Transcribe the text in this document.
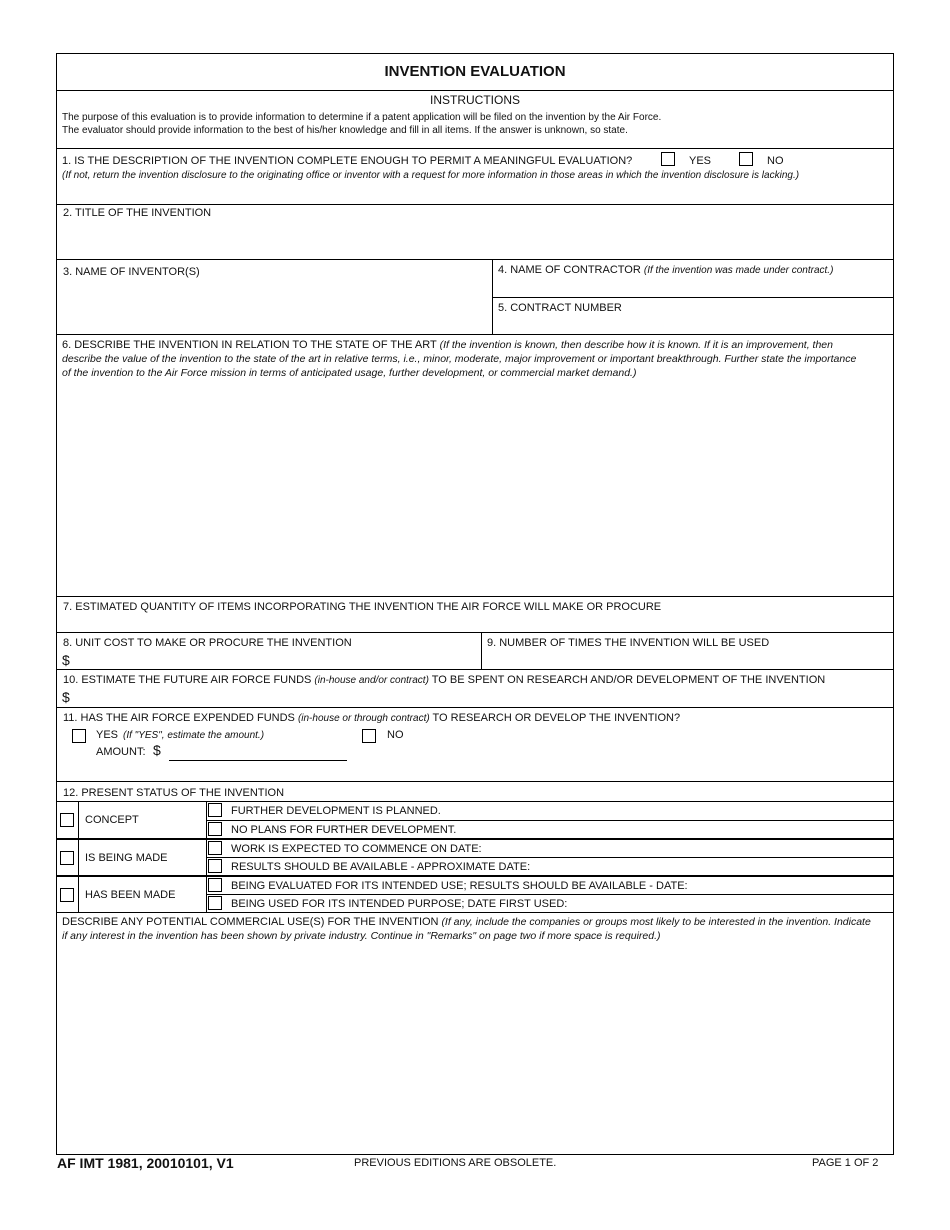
INVENTION EVALUATION
INSTRUCTIONS
The purpose of this evaluation is to provide information to determine if a patent application will be filed on the invention by the Air Force.
The evaluator should provide information to the best of his/her knowledge and fill in all items. If the answer is unknown, so state.
1. IS THE DESCRIPTION OF THE INVENTION COMPLETE ENOUGH TO PERMIT A MEANINGFUL EVALUATION?	YES	NO
(If not, return the invention disclosure to the originating office or inventor with a request for more information in those areas in which the invention disclosure is lacking.)
2. TITLE OF THE INVENTION
3. NAME OF INVENTOR(S)	4. NAME OF CONTRACTOR (If the invention was made under contract.)
5. CONTRACT NUMBER
6. DESCRIBE THE INVENTION IN RELATION TO THE STATE OF THE ART (If the invention is known, then describe how it is known. If it is an improvement, then describe the value of the invention to the state of the art in relative terms, i.e., minor, moderate, major improvement or important breakthrough. Further state the importance of the invention to the Air Force mission in terms of anticipated usage, further development, or commercial market demand.)
7. ESTIMATED QUANTITY OF ITEMS INCORPORATING THE INVENTION THE AIR FORCE WILL MAKE OR PROCURE
8. UNIT COST TO MAKE OR PROCURE THE INVENTION
$
9. NUMBER OF TIMES THE INVENTION WILL BE USED
10. ESTIMATE THE FUTURE AIR FORCE FUNDS (in-house and/or contract) TO BE SPENT ON RESEARCH AND/OR DEVELOPMENT OF THE INVENTION
$
11. HAS THE AIR FORCE EXPENDED FUNDS (in-house or through contract) TO RESEARCH OR DEVELOP THE INVENTION?
YES (If "YES", estimate the amount.)	NO
AMOUNT: $
12. PRESENT STATUS OF THE INVENTION
CONCEPT
FURTHER DEVELOPMENT IS PLANNED.
NO PLANS FOR FURTHER DEVELOPMENT.
IS BEING MADE
WORK IS EXPECTED TO COMMENCE ON DATE:
RESULTS SHOULD BE AVAILABLE - APPROXIMATE DATE:
HAS BEEN MADE
BEING EVALUATED FOR ITS INTENDED USE; RESULTS SHOULD BE AVAILABLE - DATE:
BEING USED FOR ITS INTENDED PURPOSE; DATE FIRST USED:
DESCRIBE ANY POTENTIAL COMMERCIAL USE(S) FOR THE INVENTION (If any, include the companies or groups most likely to be interested in the invention. Indicate if any interest in the invention has been shown by private industry. Continue in "Remarks" on page two if more space is required.)
AF IMT 1981, 20010101, V1	PREVIOUS EDITIONS ARE OBSOLETE.	PAGE 1 OF 2
